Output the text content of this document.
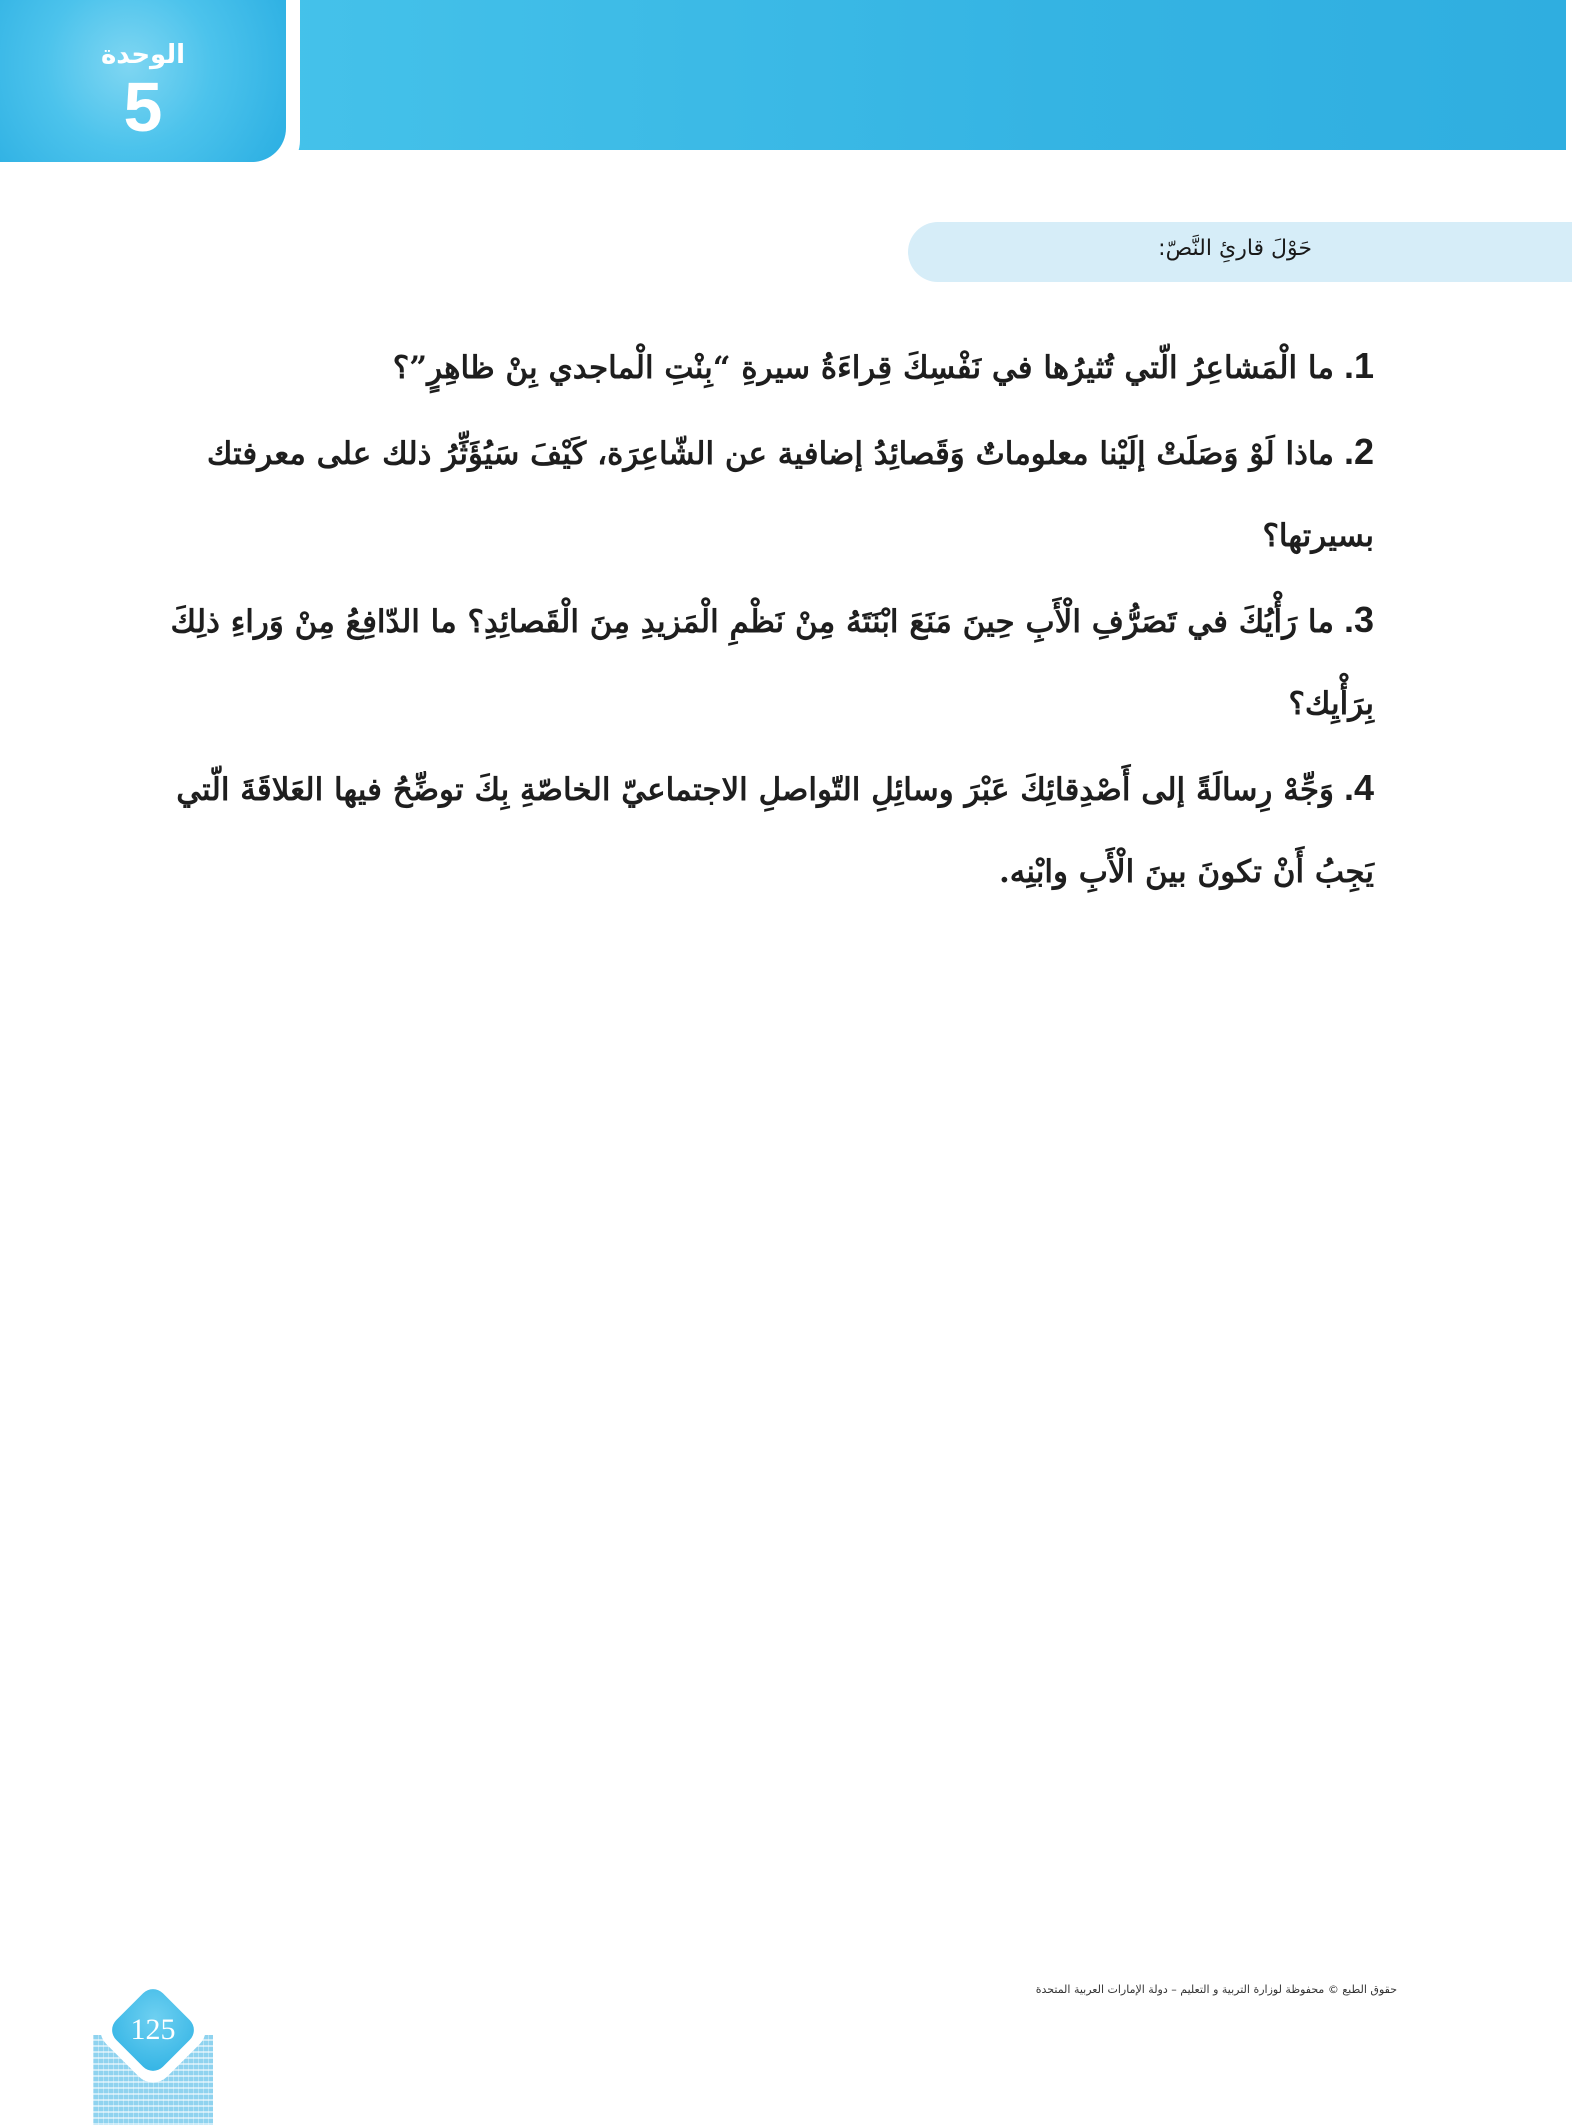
الوحدة
5
حَوْلَ قارئِ النَّصّ:
1. ما الْمَشاعِرُ الّتي تُثيرُها في نَفْسِكَ قِراءَةُ سيرةِ “بِنْتِ الْماجدي بِنْ ظاهِرٍ”؟
2. ماذا لَوْ وَصَلَتْ إلَيْنا معلوماتٌ وَقَصائِدُ إضافية عن الشّاعِرَة، كَيْفَ سَيُؤَثِّرُ ذلك على معرفتك بسيرتها؟
3. ما رَأْيُكَ في تَصَرُّفِ الْأَبِ حِينَ مَنَعَ ابْنَتَهُ مِنْ نَظْمِ الْمَزيدِ مِنَ الْقَصائِدِ؟ ما الدّافِعُ مِنْ وَراءِ ذلِكَ بِرَأْيِك؟
4. وَجِّهْ رِسالَةً إلى أَصْدِقائِكَ عَبْرَ وسائِلِ التّواصلِ الاجتماعيّ الخاصّةِ بِكَ توضِّحُ فيها العَلاقَةَ الّتي يَجِبُ أَنْ تكونَ بينَ الْأَبِ وابْنِه.
حقوق الطبع © محفوظة لوزارة التربية و التعليم – دولة الإمارات العربية المتحدة
125
